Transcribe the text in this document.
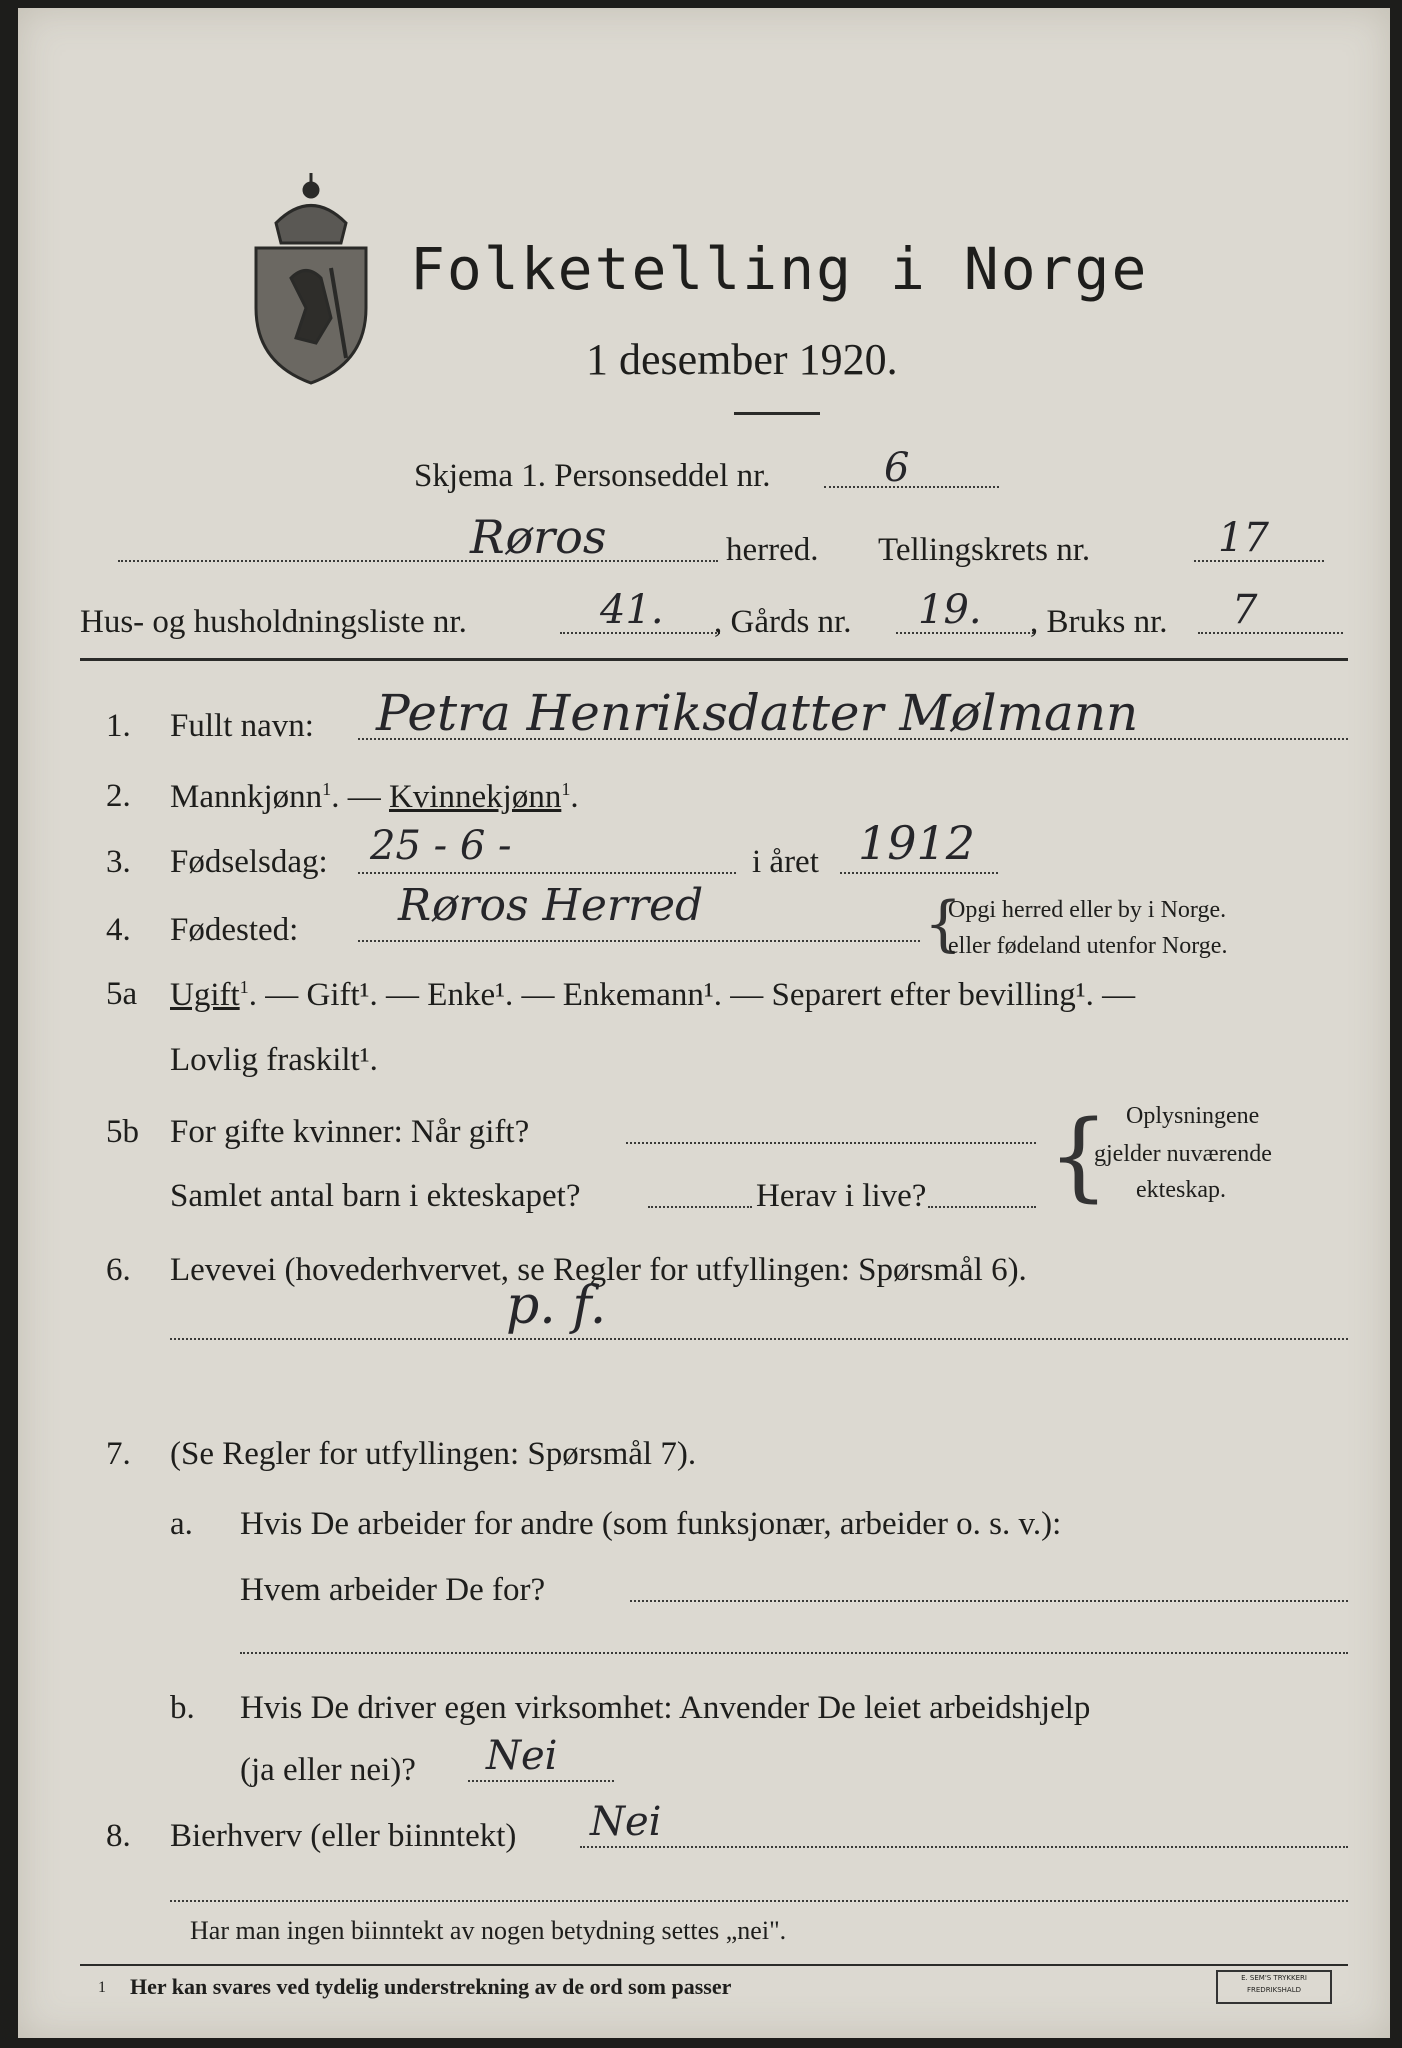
Folketelling i Norge
1 desember 1920.
Skjema 1. Personseddel nr.	6
Røros	herred. Tellingskrets nr.	17
Hus- og husholdningsliste nr.	41. , Gårds nr. 19. , Bruks nr. 7
1. Fullt navn: Petra Henriksdatter Mølmann
2. Mannkjønn$^1$. — Kvinnekjønn$^1$.
3. Fødselsdag: 25 - 6 -	i året 1912
4. Fødested: Røros Herred	{
Opgi herred eller by i Norge.
eller fødeland utenfor Norge.
5a Ugift$^1$. — Gift¹. — Enke¹. — Enkemann¹. — Separert efter bevilling¹. —
Lovlig fraskilt¹.
5b For gifte kvinner: Når gift?
Samlet antal barn i ekteskapet?	Herav i live? { Oplysningene
gjelder nuværende
ekteskap.
6. Levevei (hovederhvervet, se Regler for utfyllingen: Spørsmål 6).
p. f.
7. (Se Regler for utfyllingen: Spørsmål 7).
a. Hvis De arbeider for andre (som funksjonær, arbeider o. s. v.):
Hvem arbeider De for?
b. Hvis De driver egen virksomhet: Anvender De leiet arbeidshjelp
(ja eller nei)? Nei
8. Bierhverv (eller biinntekt) Nei
Har man ingen biinntekt av nogen betydning settes „nei".
1 Her kan svares ved tydelig understrekning av de ord som passer	E. SEM'S TRYKKERI
FREDRIKSHALD
